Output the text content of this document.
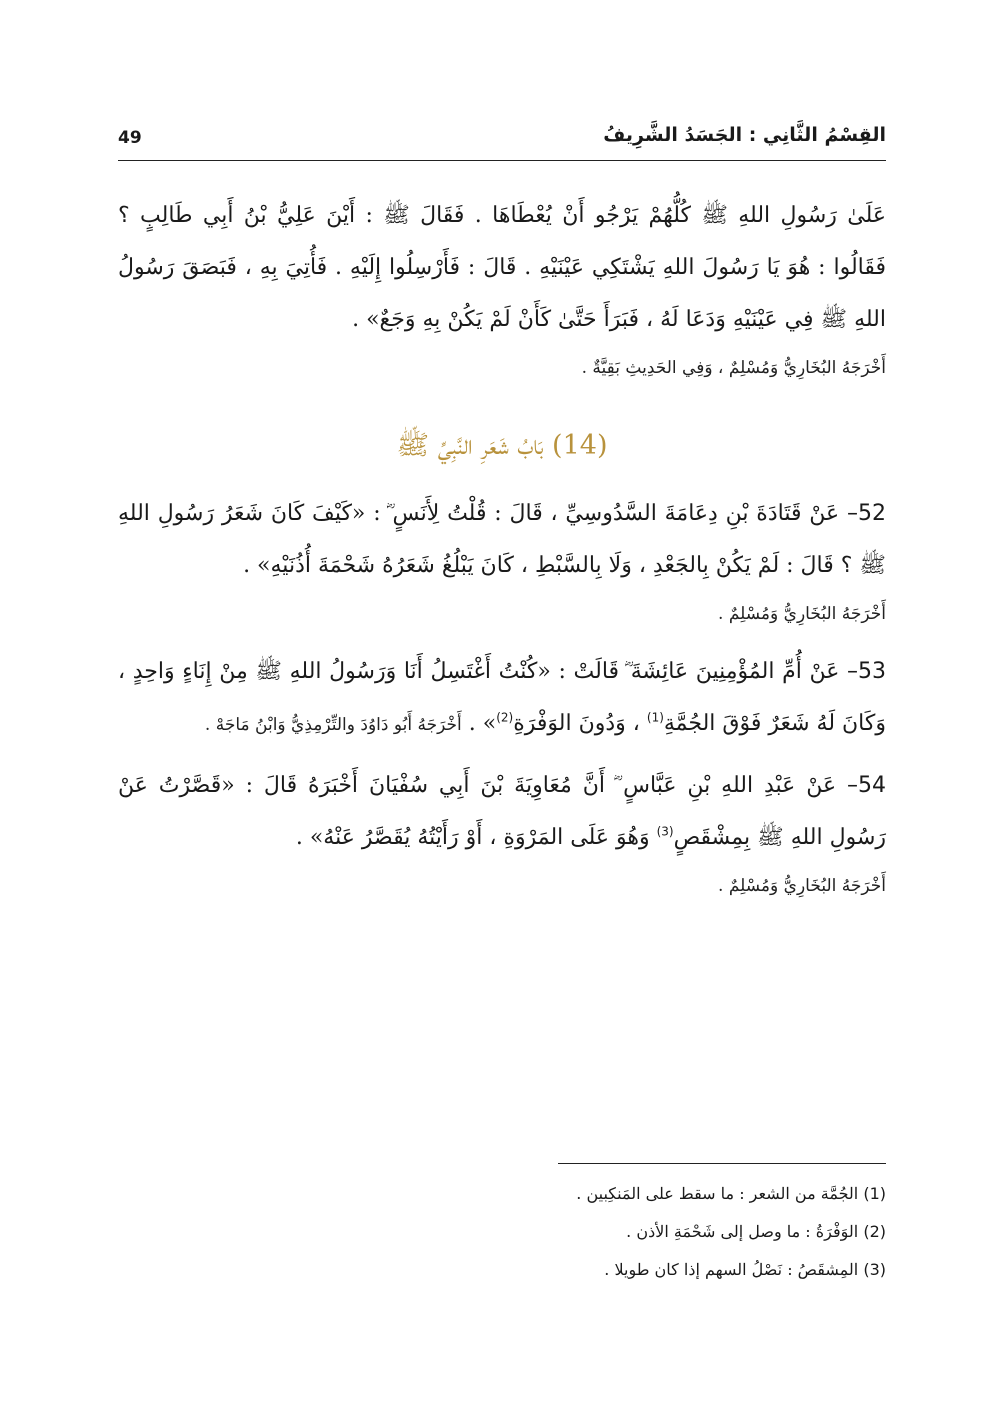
القِسْمُ الثَّانِي : الجَسَدُ الشَّرِيفُ
49

عَلَىٰ رَسُولِ اللهِ ﷺ كُلُّهُمْ يَرْجُو أَنْ يُعْطَاهَا . فَقَالَ ﷺ : أَيْنَ عَلِيُّ بْنُ أَبِي طَالِبٍ ؟ فَقَالُوا : هُوَ يَا رَسُولَ اللهِ يَشْتَكِي عَيْنَيْهِ . قَالَ : فَأَرْسِلُوا إِلَيْهِ . فَأُتِيَ بِهِ ، فَبَصَقَ رَسُولُ اللهِ ﷺ فِي عَيْنَيْهِ وَدَعَا لَهُ ، فَبَرَأَ حَتَّىٰ كَأَنْ لَمْ يَكُنْ بِهِ وَجَعٌ» .

أَخْرَجَهُ البُخَارِيُّ وَمُسْلِمٌ ، وَفِي الحَدِيثِ بَقِيَّةٌ .

(14) بَابُ شَعَرِ النَّبِيِّ ﷺ

52– عَنْ قَتَادَةَ بْنِ دِعَامَةَ السَّدُوسِيِّ ، قَالَ : قُلْتُ لِأَنَسٍ ؓ : «كَيْفَ كَانَ شَعَرُ رَسُولِ اللهِ ﷺ ؟ قَالَ : لَمْ يَكُنْ بِالجَعْدِ ، وَلَا بِالسَّبْطِ ، كَانَ يَبْلُغُ شَعَرُهُ شَحْمَةَ أُذُنَيْهِ» .

أَخْرَجَهُ البُخَارِيُّ وَمُسْلِمٌ .

53– عَنْ أُمِّ المُؤْمِنِينَ عَائِشَةَ ؓ قَالَتْ : «كُنْتُ أَغْتَسِلُ أَنَا وَرَسُولُ اللهِ ﷺ مِنْ إِنَاءٍ وَاحِدٍ ، وَكَانَ لَهُ شَعَرٌ فَوْقَ الجُمَّةِ$^{(1)}$ ، وَدُونَ الوَفْرَةِ$^{(2)}$» . أَخْرَجَهُ أَبُو دَاوُدَ والتِّرْمِذِيُّ وَابْنُ مَاجَهْ .

54– عَنْ عَبْدِ اللهِ بْنِ عَبَّاسٍ ؓ أَنَّ مُعَاوِيَةَ بْنَ أَبِي سُفْيَانَ أَخْبَرَهُ قَالَ : «قَصَّرْتُ عَنْ رَسُولِ اللهِ ﷺ بِمِشْقَصٍ$^{(3)}$ وَهُوَ عَلَى المَرْوَةِ ، أَوْ رَأَيْتُهُ يُقَصَّرُ عَنْهُ» .

أَخْرَجَهُ البُخَارِيُّ وَمُسْلِمٌ .

(1) الجُمَّة من الشعر : ما سقط على المَنكِبين .

(2) الوَفْرَةُ : ما وصل إلى شَحْمَةِ الأذن .

(3) المِشقَصُ : نَصْلُ السهم إذا كان طويلا .
